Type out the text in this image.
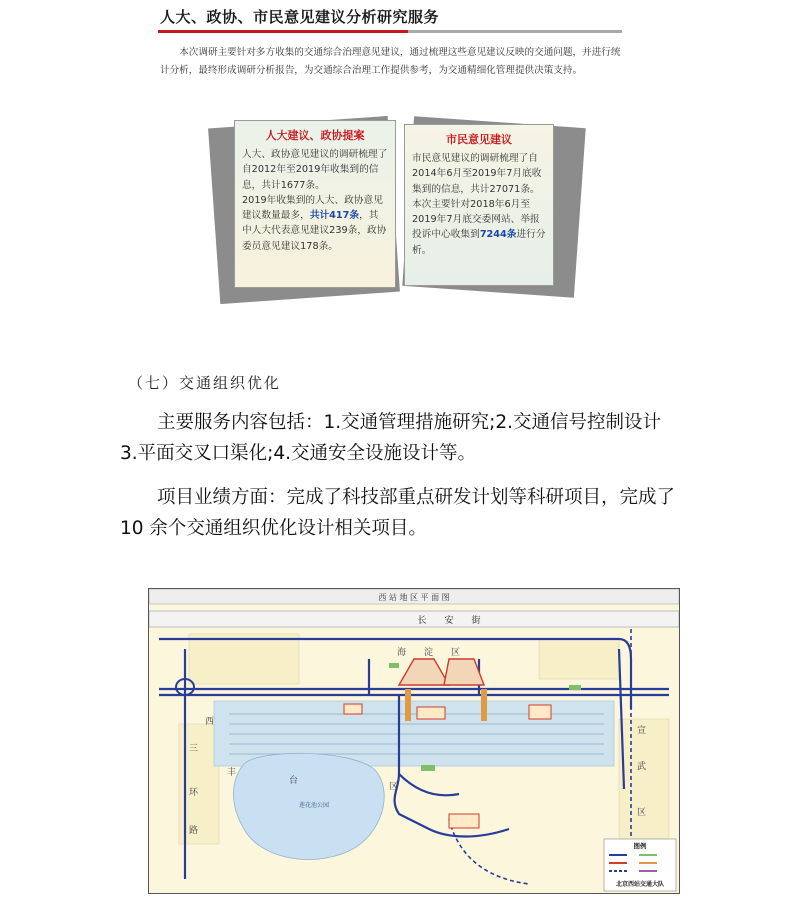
人大、政协、市民意见建议分析研究服务
本次调研主要针对多方收集的交通综合治理意见建议，通过梳理这些意见建议反映的交通问题，并进行统计分析，最终形成调研分析报告，为交通综合治理工作提供参考，为交通精细化管理提供决策支持。
人大建议、政协提案
人大、政协意见建议的调研梳理了自2012年至2019年收集到的信息，共计1677条。
2019年收集到的人大、政协意见建议数量最多，共计417条，其中人大代表意见建议239条，政协委员意见建议178条。
市民意见建议
市民意见建议的调研梳理了自2014年6月至2019年7月底收集到的信息，共计27071条。
本次主要针对2018年6月至2019年7月底交委网站、举报投诉中心收集到7244条进行分析。
（七）交通组织优化
主要服务内容包括：1.交通管理措施研究;2.交通信号控制设计 3.平面交叉口渠化;4.交通安全设施设计等。
项目业绩方面：完成了科技部重点研发计划等科研项目，完成了 10 余个交通组织优化设计相关项目。
西 站 地 区 平 面 图
长　　安　　街
莲花池公园
海　　淀　　区
西
三
环
路
丰
台
区
宣
武
区
图例
北京西站交通大队
